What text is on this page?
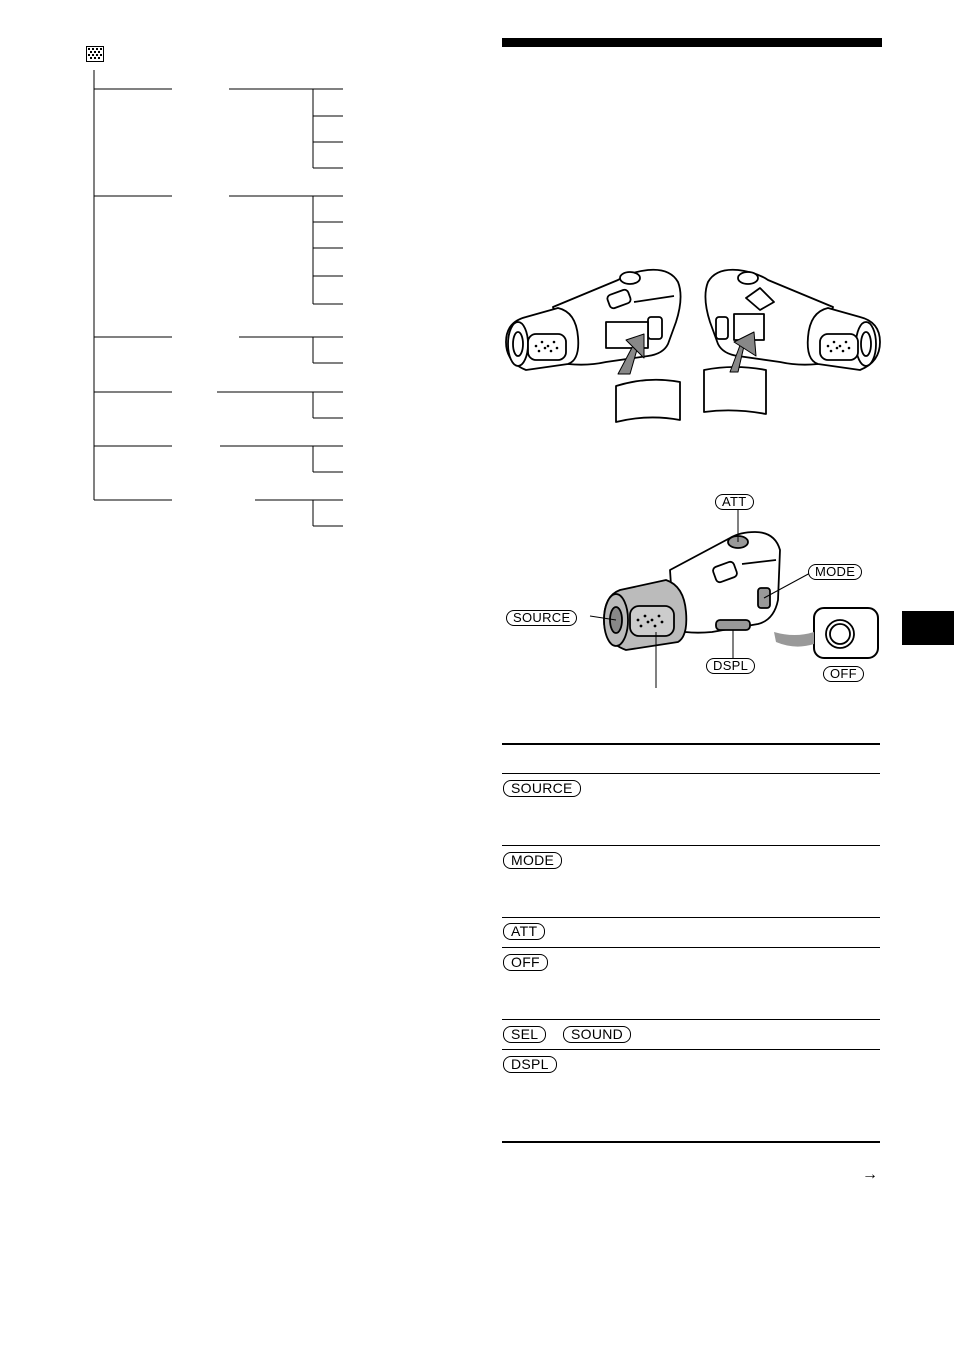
ATT
MODE
SOURCE
DSPL
OFF
SOURCE
MODE
ATT
OFF
SEL	SOUND
DSPL
→
